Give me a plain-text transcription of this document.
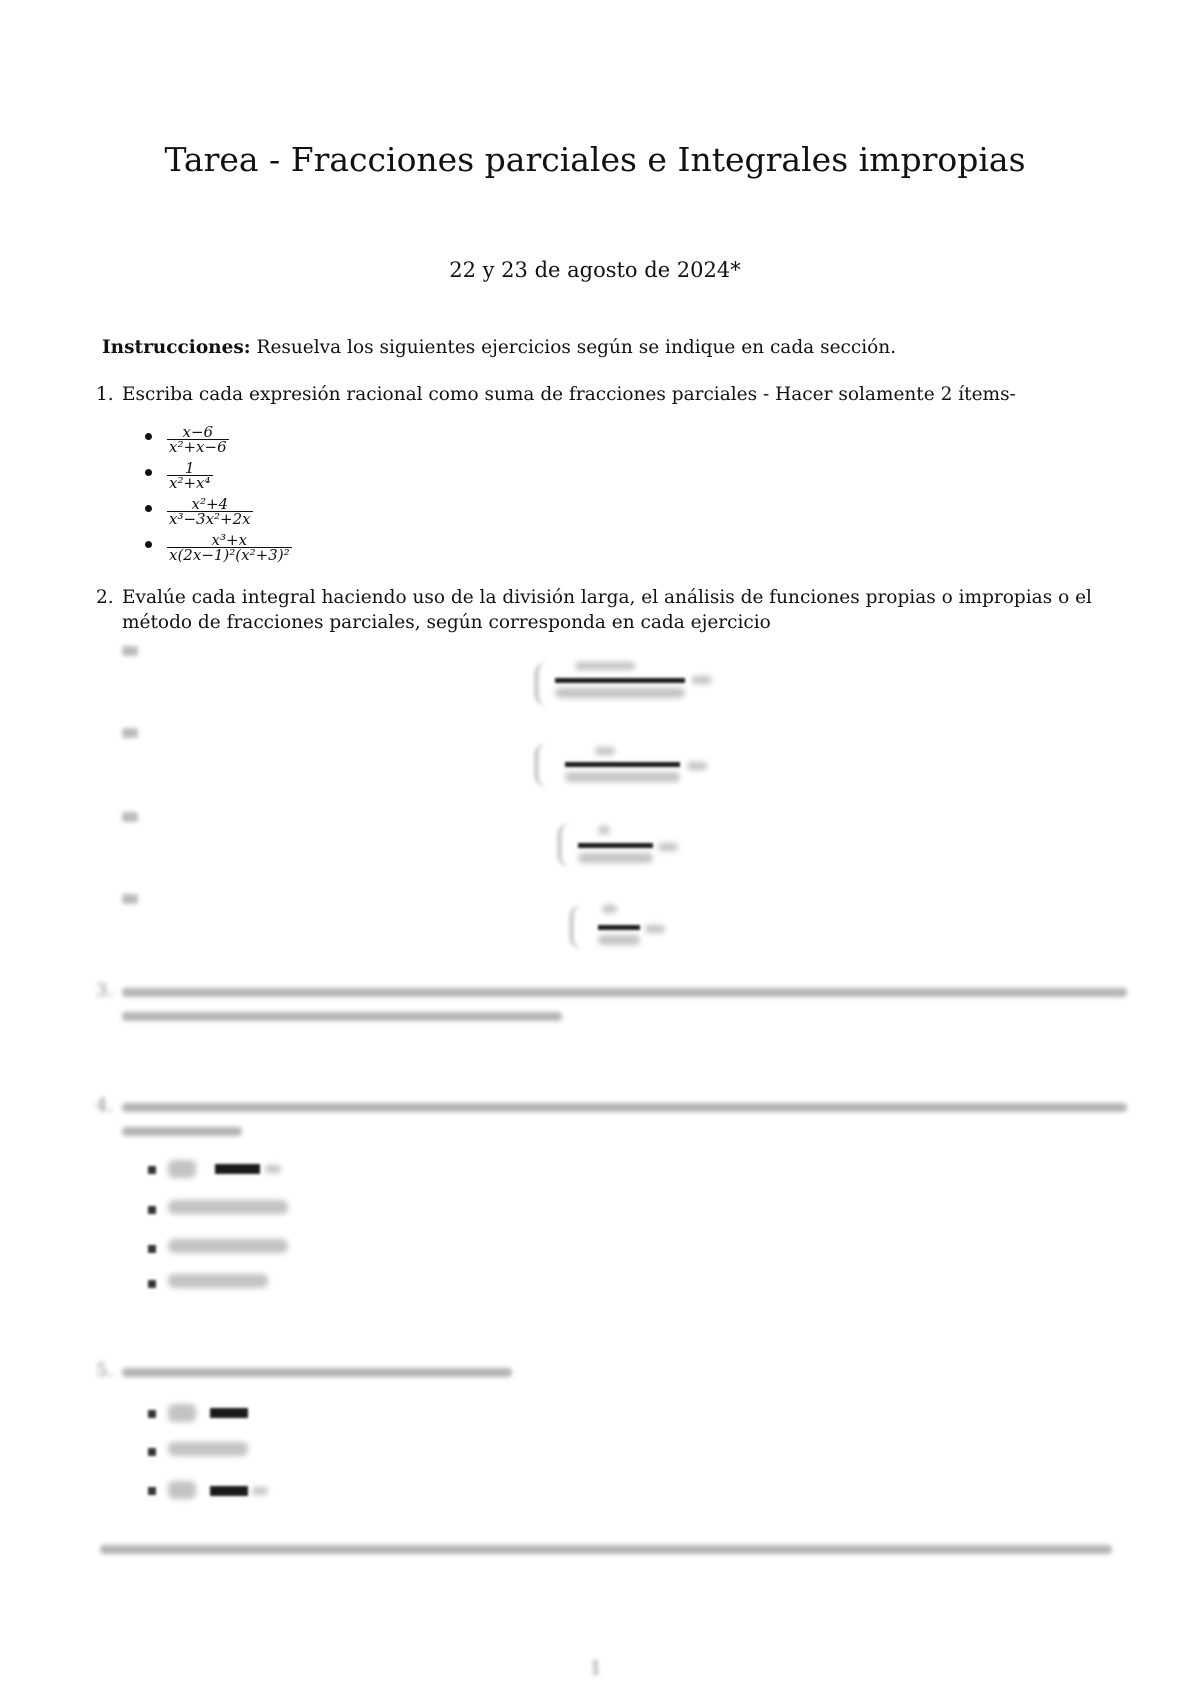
Tarea - Fracciones parciales e Integrales impropias
22 y 23 de agosto de 2024*
Instrucciones: Resuelva los siguientes ejercicios según se indique en cada sección.
1. Escriba cada expresión racional como suma de fracciones parciales - Hacer solamente 2 ítems-
$\frac{x-6}{\text{x²+x−6}}$
$\frac{1}{\text{x²+x⁴}}$
$\frac{\text{x²+4}}{\text{x³−3x²+2x}}$
$\frac{\text{x³+x}}{\text{x(2x−1)²(x²+3)²}}$
2. Evalúe cada integral haciendo uso de la división larga, el análisis de funciones propias o impropias o el método de fracciones parciales, según corresponda en cada ejercicio
3.
4.
5.
1
